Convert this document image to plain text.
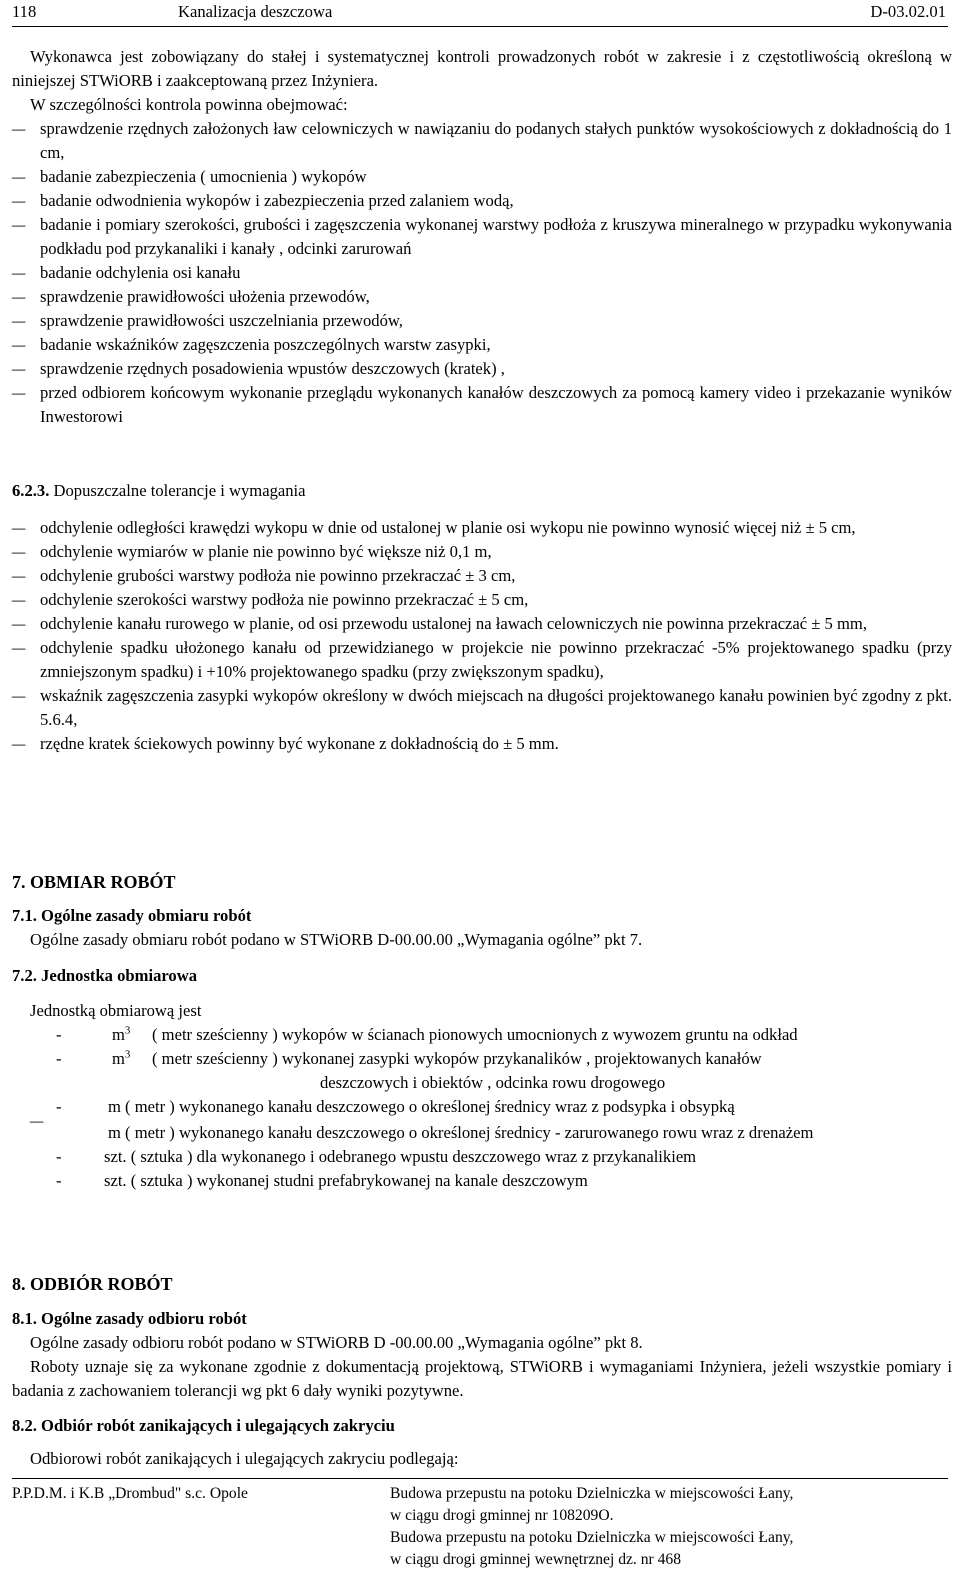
118	Kanalizacja deszczowa	D-03.02.01

Wykonawca jest zobowiązany do stałej i systematycznej kontroli prowadzonych robót w zakresie i z częstotliwością określoną w niniejszej STWiORB i zaakceptowaną przez Inżyniera.

W szczególności kontrola powinna obejmować:

– sprawdzenie rzędnych założonych ław celowniczych w nawiązaniu do podanych stałych punktów wysokościowych z dokładnością do 1 cm,
– badanie zabezpieczenia ( umocnienia ) wykopów
– badanie odwodnienia wykopów i zabezpieczenia przed zalaniem wodą,
– badanie i pomiary szerokości, grubości i zagęszczenia wykonanej warstwy podłoża z kruszywa mineralnego w przypadku wykonywania podkładu pod przykanaliki i kanały , odcinki zarurowań
– badanie odchylenia osi kanału
– sprawdzenie prawidłowości ułożenia przewodów,
– sprawdzenie prawidłowości uszczelniania przewodów,
– badanie wskaźników zagęszczenia poszczególnych warstw zasypki,
– sprawdzenie rzędnych posadowienia wpustów deszczowych (kratek) ,
– przed odbiorem końcowym wykonanie przeglądu wykonanych kanałów deszczowych za pomocą kamery video i przekazanie wyników Inwestorowi

6.2.3. Dopuszczalne tolerancje i wymagania

– odchylenie odległości krawędzi wykopu w dnie od ustalonej w planie osi wykopu nie powinno wynosić więcej niż ± 5 cm,
– odchylenie wymiarów w planie nie powinno być większe niż 0,1 m,
– odchylenie grubości warstwy podłoża nie powinno przekraczać ± 3 cm,
– odchylenie szerokości warstwy podłoża nie powinno przekraczać ± 5 cm,
– odchylenie kanału rurowego w planie, od osi przewodu ustalonej na ławach celowniczych nie powinna przekraczać ± 5 mm,
– odchylenie spadku ułożonego kanału od przewidzianego w projekcie nie powinno przekraczać -5% projektowanego spadku (przy zmniejszonym spadku) i +10% projektowanego spadku (przy zwiększonym spadku),
– wskaźnik zagęszczenia zasypki wykopów określony w dwóch miejscach na długości projektowanego kanału powinien być zgodny z pkt. 5.6.4,
– rzędne kratek ściekowych powinny być wykonane z dokładnością do ± 5 mm.
7. OBMIAR ROBÓT
7.1. Ogólne zasady obmiaru robót

Ogólne zasady obmiaru robót podano w STWiORB D-00.00.00 „Wymagania ogólne” pkt 7.

7.2. Jednostka obmiarowa

Jednostką obmiarową jest

-	$m^3$	( metr sześcienny ) wykopów w ścianach pionowych umocnionych z wywozem gruntu na odkład
-	$m^3$	( metr sześcienny ) wykonanej zasypki wykopów przykanalików , projektowanych kanałów
deszczowych i obiektów , odcinka rowu drogowego
-	m ( metr ) wykonanego kanału deszczowego o określonej średnicy wraz z podsypka i obsypką
–
m ( metr ) wykonanego kanału deszczowego o określonej średnicy - zarurowanego rowu wraz z drenażem
-	szt. ( sztuka ) dla wykonanego i odebranego wpustu deszczowego wraz z przykanalikiem
-	szt. ( sztuka ) wykonanej studni prefabrykowanej na kanale deszczowym
8. ODBIÓR ROBÓT
8.1. Ogólne zasady odbioru robót

Ogólne zasady odbioru robót podano w STWiORB D -00.00.00 „Wymagania ogólne” pkt 8.

Roboty uznaje się za wykonane zgodnie z dokumentacją projektową, STWiORB i wymaganiami Inżyniera, jeżeli wszystkie pomiary i badania z zachowaniem tolerancji wg pkt 6 dały wyniki pozytywne.

8.2. Odbiór robót zanikających i ulegających zakryciu

Odbiorowi robót zanikających i ulegających zakryciu podlegają:

P.P.D.M. i K.B „Drombud" s.c. Opole	Budowa przepustu na potoku Dzielniczka w miejscowości Łany,
w ciągu drogi gminnej nr 108209O.
Budowa przepustu na potoku Dzielniczka w miejscowości Łany,
w ciągu drogi gminnej wewnętrznej dz. nr 468
